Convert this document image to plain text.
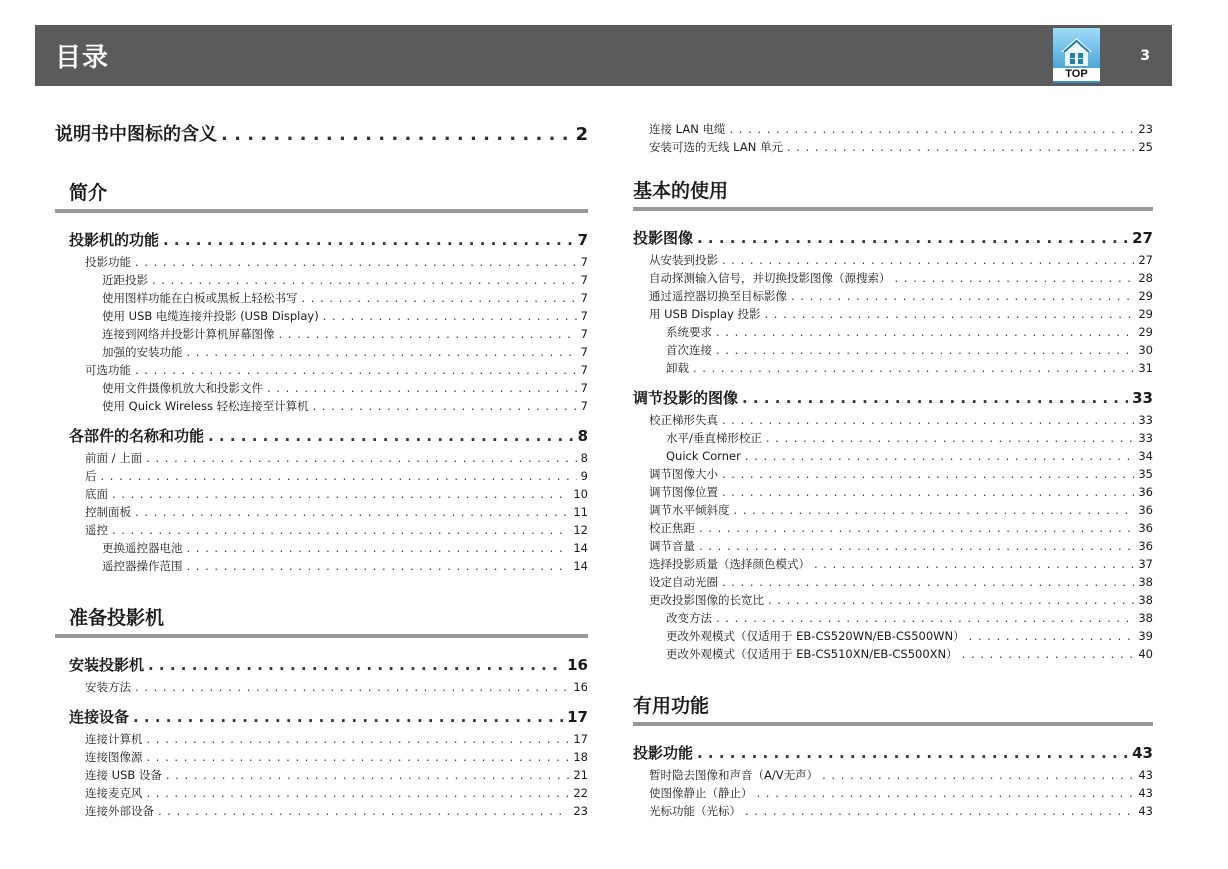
目录	3
TOP
说明书中图标的含义 . . .	2
简介
投影机的功能 . . .	7
投影功能 . . .	7
近距投影 . . .	7
使用图样功能在白板或黑板上轻松书写 . . .	7
使用 USB 电缆连接并投影 (USB Display) . . .	7
连接到网络并投影计算机屏幕图像 . . .	7
加强的安装功能 . . .	7
可选功能 . . .	7
使用文件摄像机放大和投影文件 . . .	7
使用 Quick Wireless 轻松连接至计算机 . . .	7
各部件的名称和功能 . . .	8
前面 / 上面 . . .	8
后 . . .	9
底面 . . .	10
控制面板 . . .	11
遥控 . . .	12
更换遥控器电池 . . .	14
遥控器操作范围 . . .	14
准备投影机
安装投影机 . . .	16
安装方法 . . .	16
连接设备 . . .	17
连接计算机 . . .	17
连接图像源 . . .	18
连接 USB 设备 . . .	21
连接麦克风 . . .	22
连接外部设备 . . .	23
连接 LAN 电缆 . . .	23
安装可选的无线 LAN 单元 . . .	25
基本的使用
投影图像 . . .	27
从安装到投影 . . .	27
自动探测输入信号，并切换投影图像（源搜索） . . .	28
通过遥控器切换至目标影像 . . .	29
用 USB Display 投影 . . .	29
系统要求 . . .	29
首次连接 . . .	30
卸载 . . .	31
调节投影的图像 . . .	33
校正梯形失真 . . .	33
水平/垂直梯形校正 . . .	33
Quick Corner . . .	34
调节图像大小 . . .	35
调节图像位置 . . .	36
调节水平倾斜度 . . .	36
校正焦距 . . .	36
调节音量 . . .	36
选择投影质量（选择颜色模式） . . .	37
设定自动光圈 . . .	38
更改投影图像的长宽比 . . .	38
改变方法 . . .	38
更改外观模式（仅适用于 EB-CS520WN/EB-CS500WN） . . .	39
更改外观模式（仅适用于 EB-CS510XN/EB-CS500XN） . . .	40
有用功能
投影功能 . . .	43
暂时隐去图像和声音（A/V无声） . . .	43
使图像静止（静止） . . .	43
光标功能（光标） . . .	43
